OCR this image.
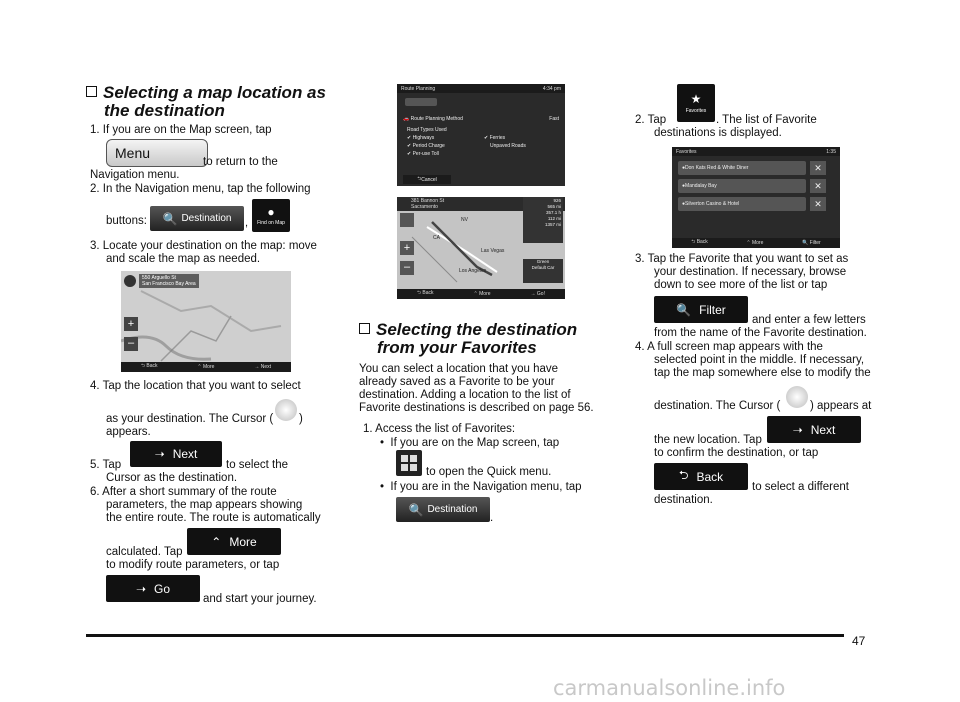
Selecting a map location as
the destination
1. If you are on the Map screen, tap
Menu
to return to the
Navigation menu.
2. In the Navigation menu, tap the following
buttons: 🔍 Destination ,
●
Find on Map
3. Locate your destination on the map: move
and scale the map as needed.
550 Arguello St
San Francisco Bay Area
+
–
⮌ Back	⌃ More	→ Next
4. Tap the location that you want to select
as your destination. The Cursor ( )
appears.
5. Tap
➝ Next
to select the
Cursor as the destination.
6. After a short summary of the route
parameters, the map appears showing
the entire route. The route is automatically
calculated. Tap
⌃ More
to modify route parameters, or tap
➝ Go
and start your journey.
Route Planning	4:34 pm
🚗 Route Planning Method	Fast
Road Types Used
✔ Highways	✔ Ferries
✔ Period Charge	Unpaved Roads
✔ Per-use Toll
⮌ Cancel
381 Bannon St
Sacramento
+
–
NV
CA
Las Vegas
Los Angeles
926
565 mi
357.1 h
112 mi
1357 mi
Green
Default Car
⮌ Back	⌃ More	→ Go!
Selecting the destination
from your Favorites
You can select a location that you have
already saved as a Favorite to be your
destination. Adding a location to the list of
Favorite destinations is described on page 56.
1. Access the list of Favorites:
•  If you are on the Map screen, tap
to open the Quick menu.
•  If you are in the Navigation menu, tap
🔍 Destination
.
2. Tap
★
Favorites
. The list of Favorite
destinations is displayed.
Favorites	1:35
● Don Kats Red & White Diner	✕
● Mandalay Bay	✕
● Silverton Casino & Hotel	✕
⮌ Back	⌃ More	🔍 Filter
3. Tap the Favorite that you want to set as
your destination. If necessary, browse
down to see more of the list or tap
🔍 Filter
and enter a few letters
from the name of the Favorite destination.
4. A full screen map appears with the
selected point in the middle. If necessary,
tap the map somewhere else to modify the
destination. The Cursor (	) appears at
the new location. Tap
➝ Next
to confirm the destination, or tap
⮌ Back
to select a different
destination.
47
carmanualsonline.info
